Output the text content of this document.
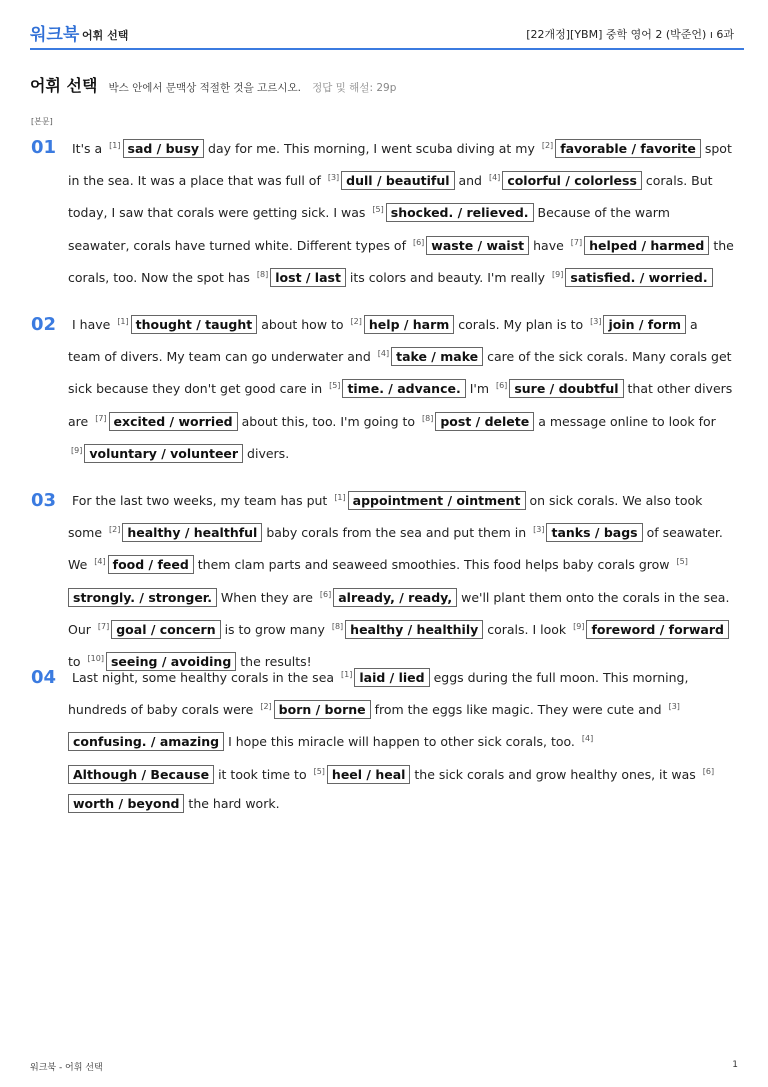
워크북 어휘 선택	[22개정][YBM] 중학 영어 2 (박준언) ı 6과
어휘 선택 박스 안에서 문맥상 적절한 것을 고르시오. 정답 및 해설: 29p
[본문]
01	It's a [1] sad / busy day for me. This morning, I went scuba diving at my [2] favorable / favorite spot in the sea. It was a place that was full of [3] dull / beautiful and [4] colorful / colorless corals. But today, I saw that corals were getting sick. I was [5] shocked. / relieved. Because of the warm seawater, corals have turned white. Different types of [6] waste / waist have [7] helped / harmed the corals, too. Now the spot has [8] lost / last its colors and beauty. I'm really [9] satisfied. / worried.
02	I have [1] thought / taught about how to [2] help / harm corals. My plan is to [3] join / form a team of divers. My team can go underwater and [4] take / make care of the sick corals. Many corals get sick because they don't get good care in [5] time. / advance. I'm [6] sure / doubtful that other divers are [7] excited / worried about this, too. I'm going to [8] post / delete a message online to look for [9] voluntary / volunteer divers.
03	For the last two weeks, my team has put [1] appointment / ointment on sick corals. We also took some [2] healthy / healthful baby corals from the sea and put them in [3] tanks / bags of seawater. We [4] food / feed them clam parts and seaweed smoothies. This food helps baby corals grow [5]strongly. / stronger. When they are [6] already, / ready, we'll plant them onto the corals in the sea. Our [7] goal / concern is to grow many [8] healthy / healthily corals. I look [9] foreword / forward to [10] seeing / avoiding the results!
04	Last night, some healthy corals in the sea [1] laid / lied eggs during the full moon. This morning, hundreds of baby corals were [2] born / borne from the eggs like magic. They were cute and [3]confusing. / amazing I hope this miracle will happen to other sick corals, too. [4]Although / Because it took time to [5] heel / heal the sick corals and grow healthy ones, it was [6]worth / beyond the hard work.
워크북 - 어휘 선택	1
